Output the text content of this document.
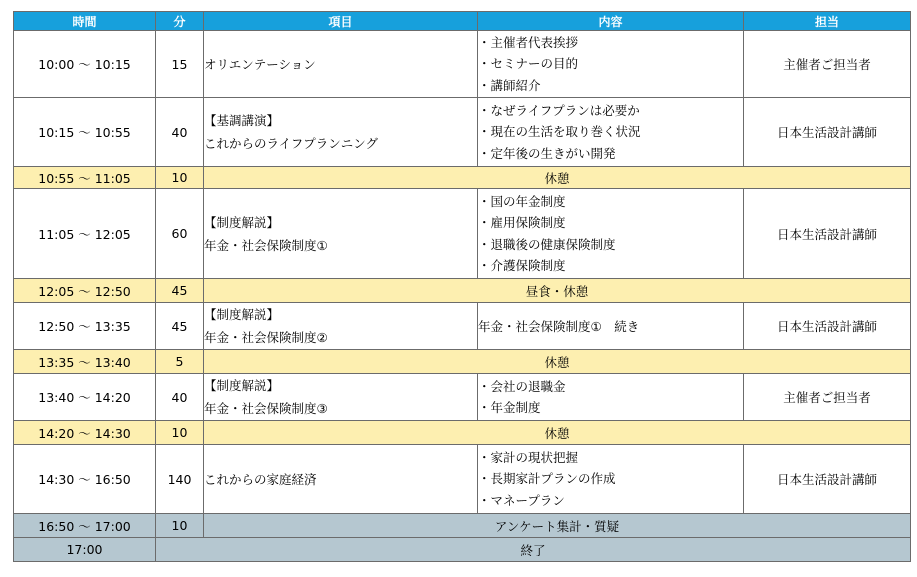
時間	分	項目	内容	担当
10:00 ～ 10:15	15	オリエンテーション	・主催者代表挨拶
・セミナーの目的
・講師紹介	主催者ご担当者
10:15 ～ 10:55	40	【基調講演】
これからのライフプランニング	・なぜライフプランは必要か
・現在の生活を取り巻く状況
・定年後の生きがい開発	日本生活設計講師
10:55 ～ 11:05	10	休憩		
11:05 ～ 12:05	60	【制度解説】
年金・社会保険制度①	・国の年金制度
・雇用保険制度
・退職後の健康保険制度
・介護保険制度	日本生活設計講師
12:05 ～ 12:50	45	昼食・休憩		
12:50 ～ 13:35	45	【制度解説】
年金・社会保険制度②	年金・社会保険制度①　続き	日本生活設計講師
13:35 ～ 13:40	5	休憩		
13:40 ～ 14:20	40	【制度解説】
年金・社会保険制度③	・会社の退職金
・年金制度	主催者ご担当者
14:20 ～ 14:30	10	休憩		
14:30 ～ 16:50	140	これからの家庭経済	・家計の現状把握
・長期家計プランの作成
・マネープラン	日本生活設計講師
16:50 ～ 17:00	10	アンケート集計・質疑		
17:00	終了			
